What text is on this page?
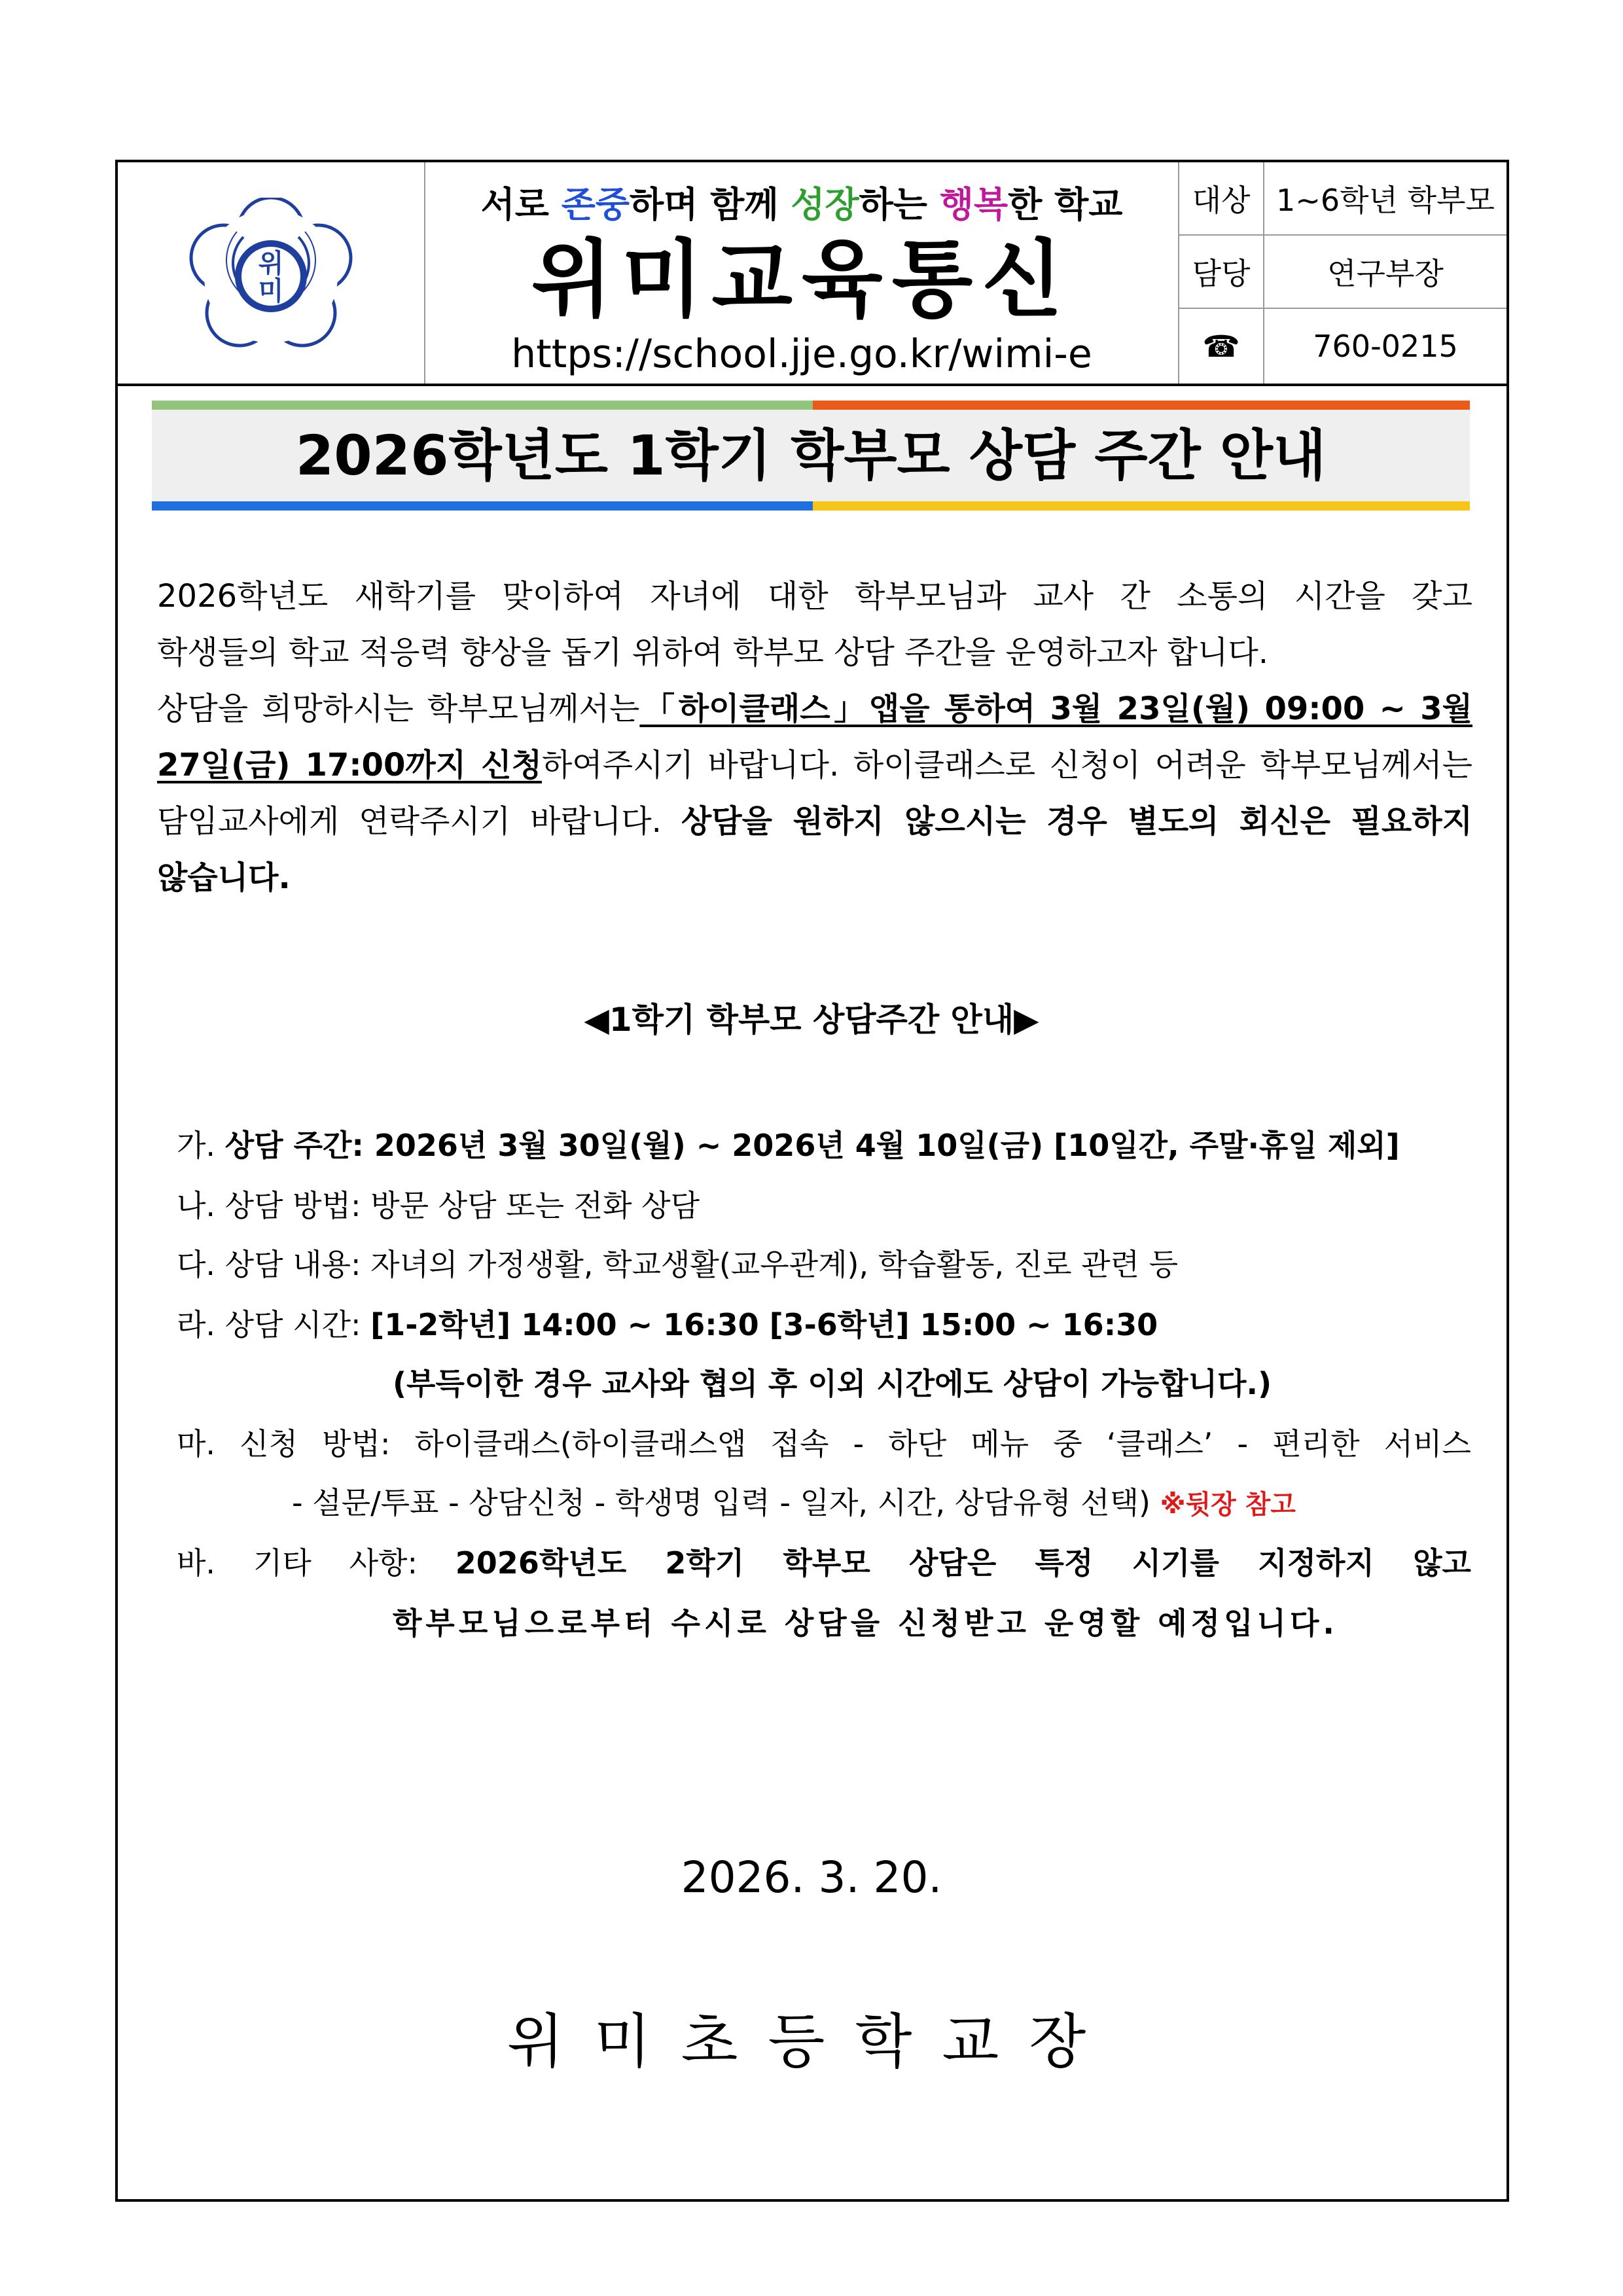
위
미
서로 존중하며 함께 성장하는 행복한 학교
위미교육통신
https://school.jje.go.kr/wimi-e
대상 1~6학년 학부모
담당	연구부장
☎	760-0215
2026학년도 1학기 학부모 상담 주간 안내
2026학년도 새학기를 맞이하여 자녀에 대한 학부모님과 교사 간 소통의 시간을 갖고
학생들의 학교 적응력 향상을 돕기 위하여 학부모 상담 주간을 운영하고자 합니다.
상담을 희망하시는 학부모님께서는「하이클래스」앱을 통하여 3월 23일(월) 09:00 ~ 3월
27일(금) 17:00까지 신청하여주시기 바랍니다. 하이클래스로 신청이 어려운 학부모님께서는
담임교사에게 연락주시기 바랍니다. 상담을 원하지 않으시는 경우 별도의 회신은 필요하지
않습니다.
◀1학기 학부모 상담주간 안내▶
가. 상담 주간: 2026년 3월 30일(월) ~ 2026년 4월 10일(금) [10일간, 주말·휴일 제외]
나. 상담 방법: 방문 상담 또는 전화 상담
다. 상담 내용: 자녀의 가정생활, 학교생활(교우관계), 학습활동, 진로 관련 등
라. 상담 시간: [1-2학년] 14:00 ~ 16:30 [3-6학년] 15:00 ~ 16:30
(부득이한 경우 교사와 협의 후 이외 시간에도 상담이 가능합니다.)
마. 신청 방법: 하이클래스(하이클래스앱 접속 - 하단 메뉴 중 ‘클래스’ - 편리한 서비스
- 설문/투표 - 상담신청 - 학생명 입력 - 일자, 시간, 상담유형 선택) ※뒷장 참고
바. 기타 사항: 2026학년도 2학기 학부모 상담은 특정 시기를 지정하지 않고
학부모님으로부터 수시로 상담을 신청받고 운영할 예정입니다.
2026. 3. 20.
위미초등학교장
